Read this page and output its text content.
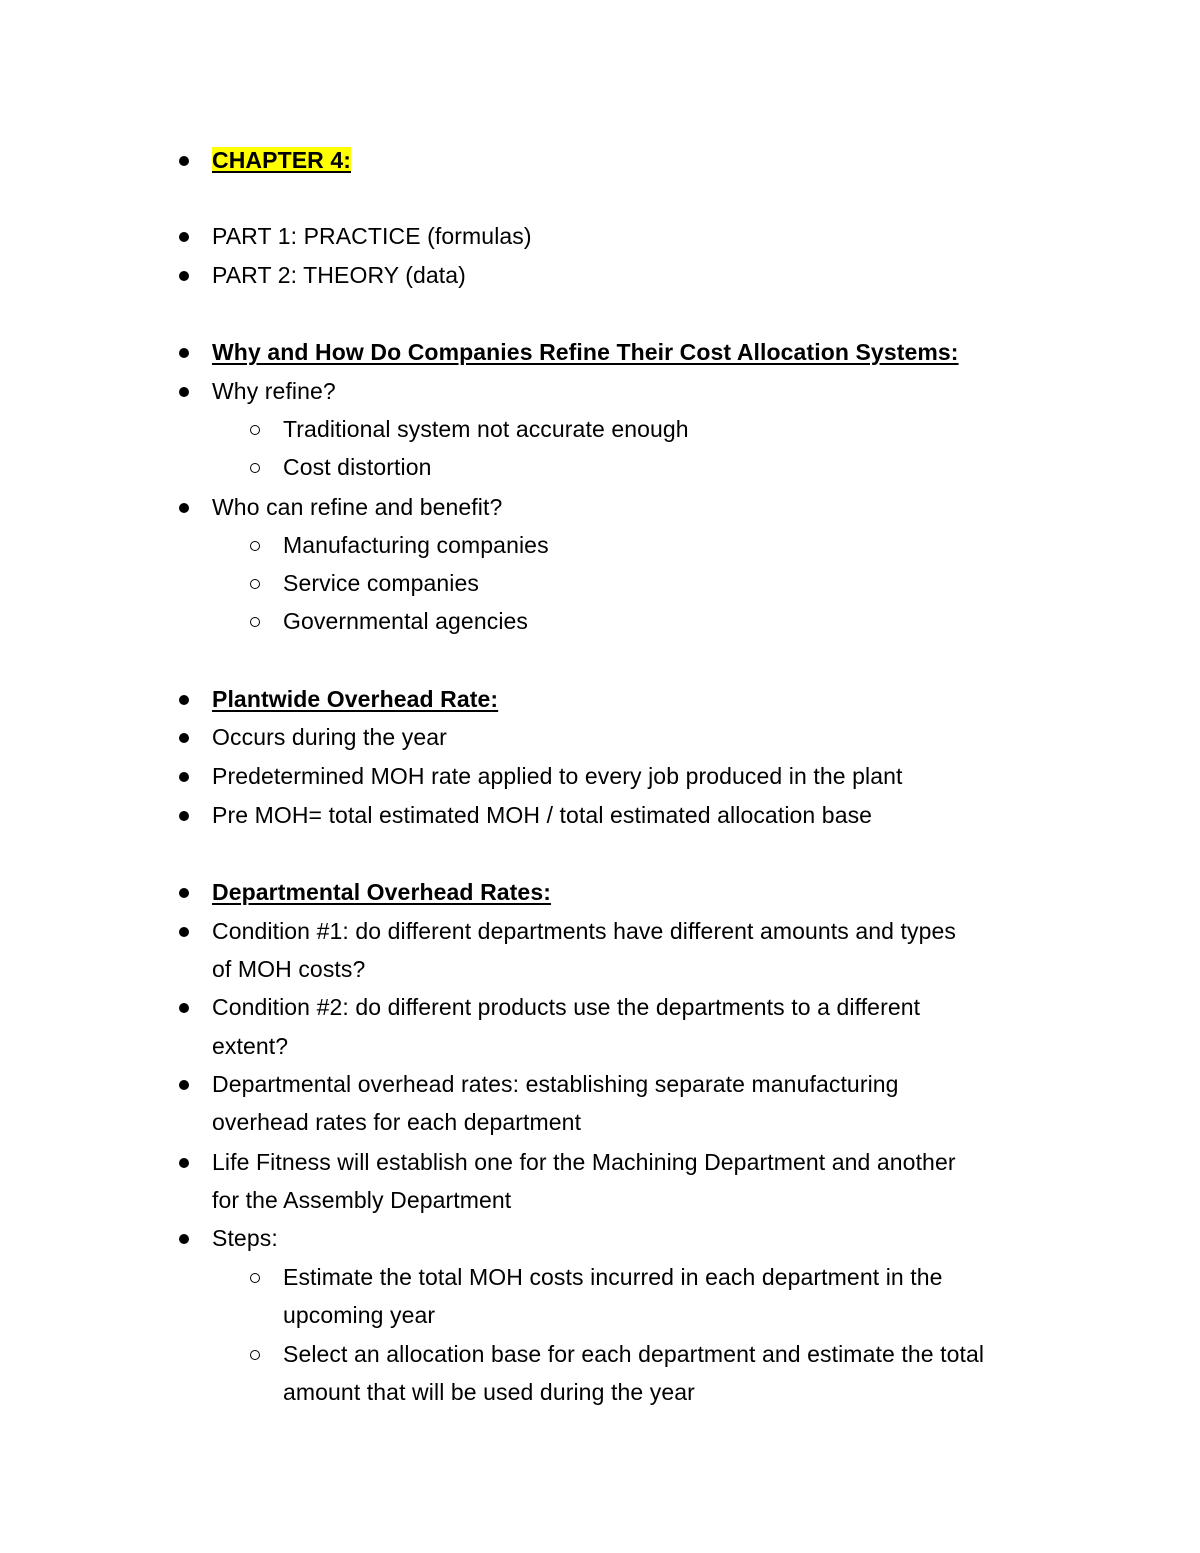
CHAPTER 4:
PART 1: PRACTICE (formulas)
PART 2: THEORY (data)
Why and How Do Companies Refine Their Cost Allocation Systems:
Why refine?
Traditional system not accurate enough
Cost distortion
Who can refine and benefit?
Manufacturing companies
Service companies
Governmental agencies
Plantwide Overhead Rate:
Occurs during the year
Predetermined MOH rate applied to every job produced in the plant
Pre MOH= total estimated MOH / total estimated allocation base
Departmental Overhead Rates:
Condition #1: do different departments have different amounts and types
of MOH costs?
Condition #2: do different products use the departments to a different
extent?
Departmental overhead rates: establishing separate manufacturing
overhead rates for each department
Life Fitness will establish one for the Machining Department and another
for the Assembly Department
Steps:
Estimate the total MOH costs incurred in each department in the
upcoming year
Select an allocation base for each department and estimate the total
amount that will be used during the year
